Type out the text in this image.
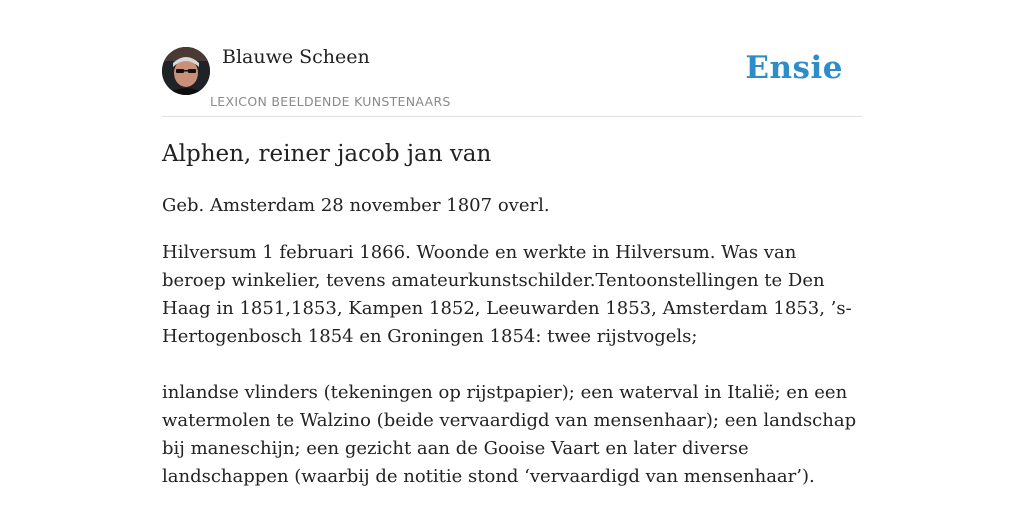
Blauwe Scheen
LEXICON BEELDENDE KUNSTENAARS
Ensie
Alphen, reiner jacob jan van

Geb. Amsterdam 28 november 1807 overl.

Hilversum 1 februari 1866. Woonde en werkte in Hilversum. Was van beroep winkelier, tevens amateurkunstschilder.Tentoonstellingen te Den Haag in 1851,1853, Kampen 1852, Leeuwarden 1853, Amsterdam 1853, ’s-Hertogenbosch 1854 en Groningen 1854: twee rijstvogels;

inlandse vlinders (tekeningen op rijstpapier); een waterval in Italië; en een watermolen te Walzino (beide vervaardigd van mensenhaar); een landschap bij maneschijn; een gezicht aan de Gooise Vaart en later diverse landschappen (waarbij de notitie stond ‘vervaardigd van mensenhaar’).
